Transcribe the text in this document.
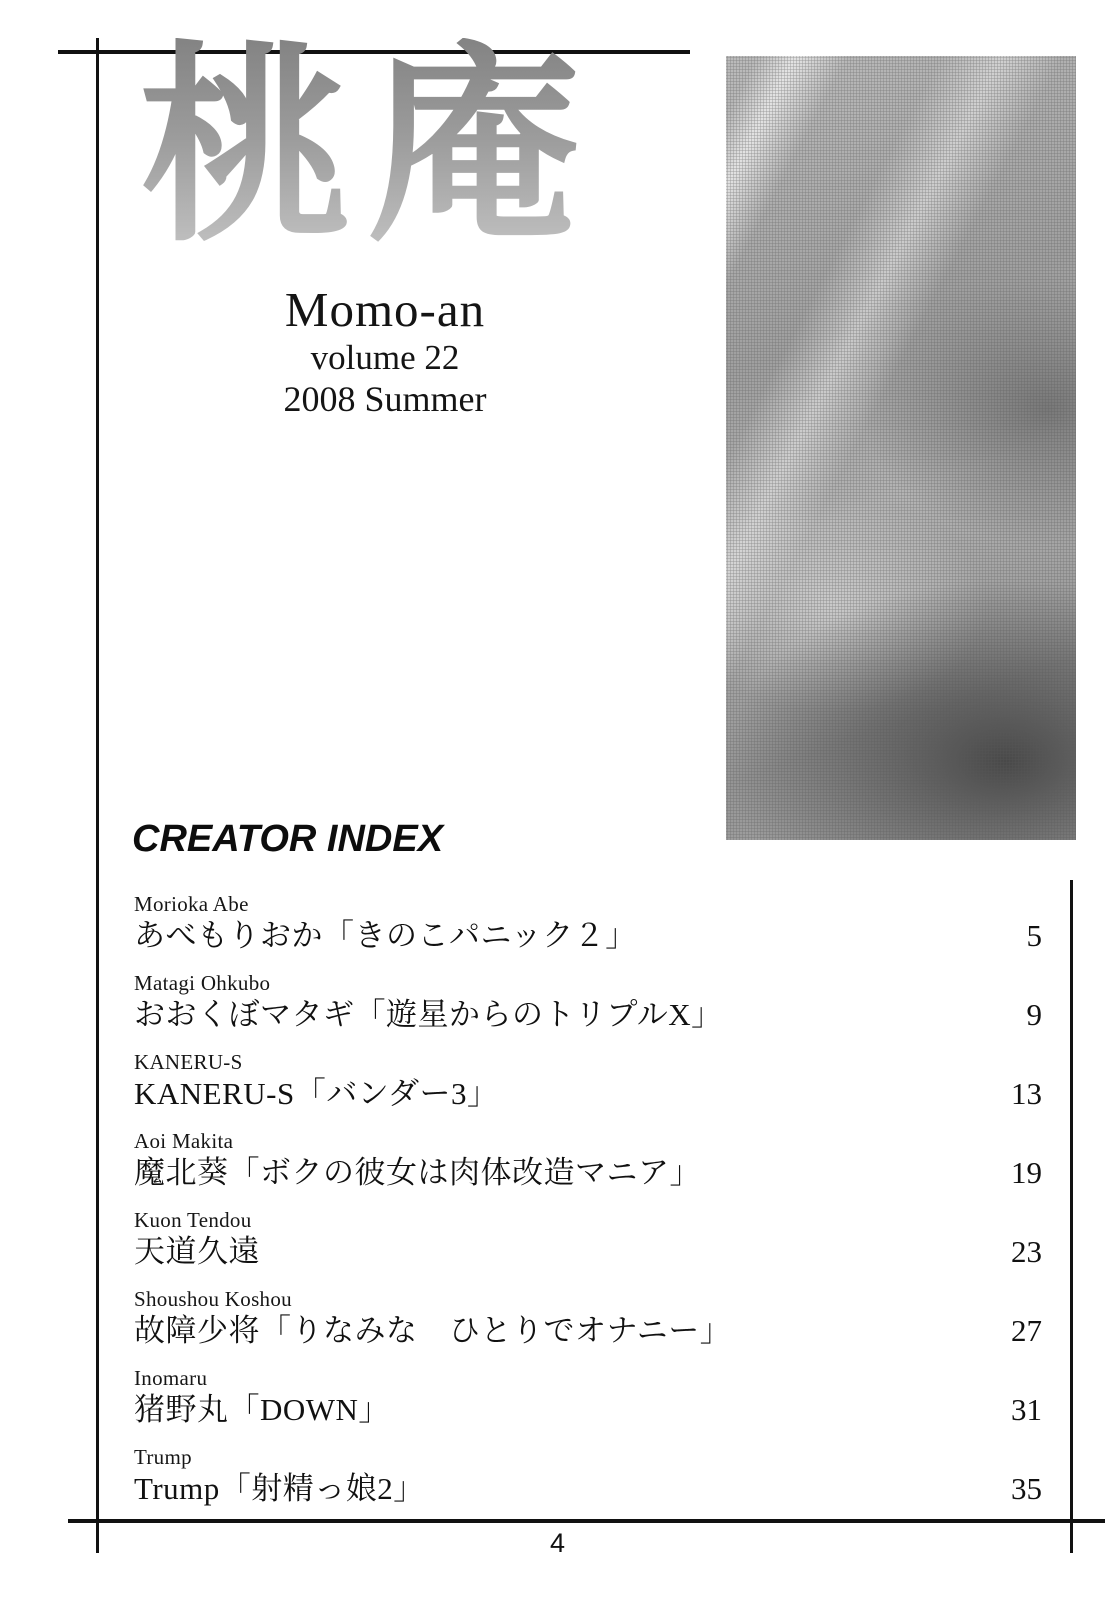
桃庵
Momo-an
volume 22
2008 Summer
CREATOR INDEX
Morioka Abe
あべもりおか「きのこパニック２」	5
Matagi Ohkubo
おおくぼマタギ「遊星からのトリプルX」	9
KANERU-S
KANERU-S「バンダー3」	13
Aoi Makita
魔北葵「ボクの彼女は肉体改造マニア」	19
Kuon Tendou
天道久遠	23
Shoushou Koshou
故障少将「りなみな　ひとりでオナニー」	27
Inomaru
猪野丸「DOWN」	31
Trump
Trump「射精っ娘2」	35
4
